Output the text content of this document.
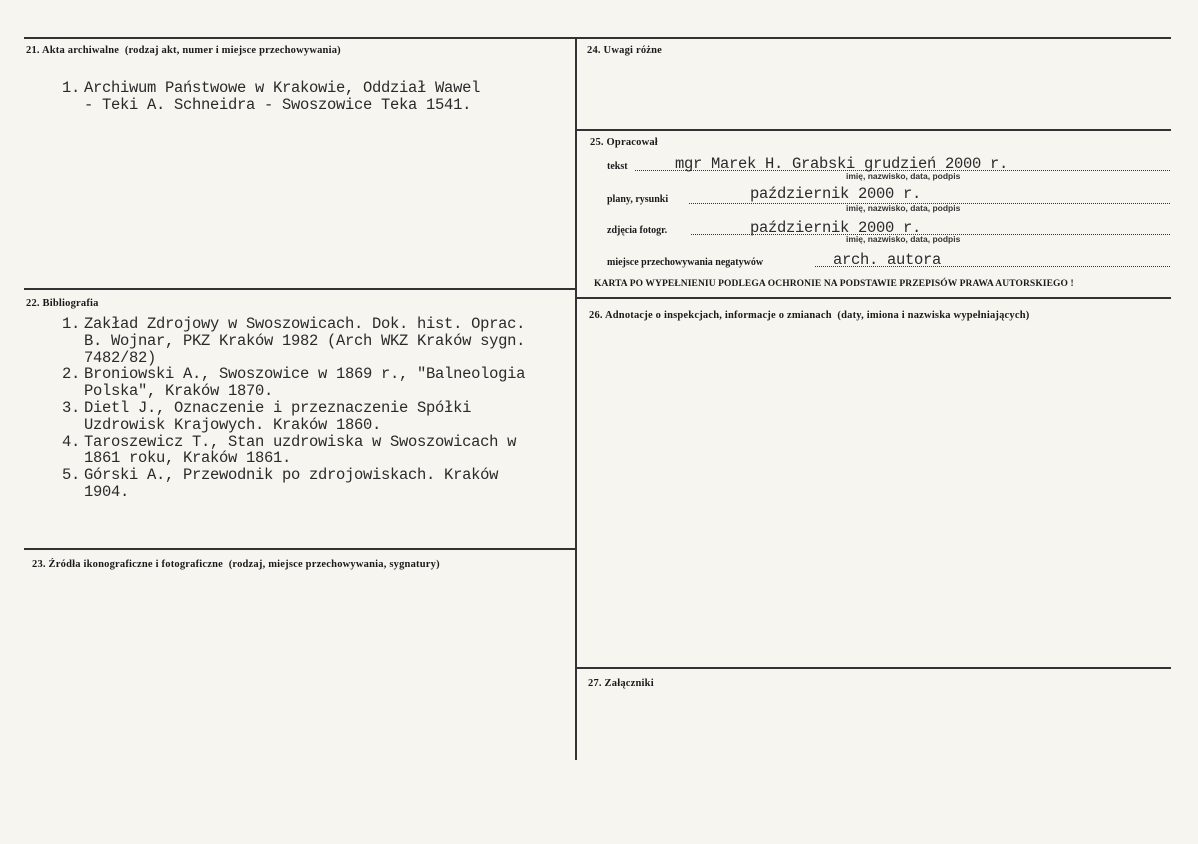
21. Akta archiwalne (rodzaj akt, numer i miejsce przechowywania)
1. Archiwum Państwowe w Krakowie, Oddział Wawel - Teki A. Schneidra - Swoszowice Teka 1541.
22. Bibliografia
1. Zakład Zdrojowy w Swoszowicach. Dok. hist. Oprac. B. Wojnar, PKZ Kraków 1982 (Arch WKZ Kraków sygn. 7482/82)
2. Broniowski A., Swoszowice w 1869 r., "Balneologia Polska", Kraków 1870.
3. Dietl J., Oznaczenie i przeznaczenie Spółki Uzdrowisk Krajowych. Kraków 1860.
4. Taroszewicz T., Stan uzdrowiska w Swoszowicach w 1861 roku, Kraków 1861.
5. Górski A., Przewodnik po zdrojowiskach. Kraków 1904.
23. Źródła ikonograficzne i fotograficzne (rodzaj, miejsce przechowywania, sygnatury)
24. Uwagi różne
25. Opracował
tekst	mgr Marek H. Grabski grudzień 2000 r.
imię, nazwisko, data, podpis
plany, rysunki	październik 2000 r.
imię, nazwisko, data, podpis
zdjęcia fotogr.	październik 2000 r.
imię, nazwisko, data, podpis
miejsce przechowywania negatywów	arch. autora
KARTA PO WYPEŁNIENIU PODLEGA OCHRONIE NA PODSTAWIE PRZEPISÓW PRAWA AUTORSKIEGO !
26. Adnotacje o inspekcjach, informacje o zmianach (daty, imiona i nazwiska wypełniających)
27. Załączniki
